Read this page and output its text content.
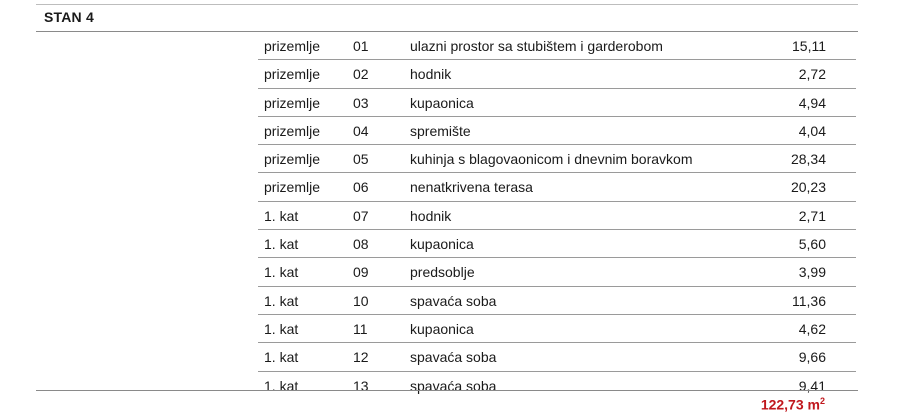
STAN 4
prizemlje 01	ulazni prostor sa stubištem i garderobom	15,11
prizemlje 02	hodnik	2,72
prizemlje 03	kupaonica	4,94
prizemlje 04	spremište	4,04
prizemlje 05	kuhinja s blagovaonicom i dnevnim boravkom	28,34
prizemlje 06	nenatkrivena terasa	20,23
1. kat	07	hodnik	2,71
1. kat	08	kupaonica	5,60
1. kat	09	predsoblje	3,99
1. kat	10	spavaća soba	11,36
1. kat	11	kupaonica	4,62
1. kat	12	spavaća soba	9,66
1. kat	13	spavaća soba	9,41
122,73 $m^2$
